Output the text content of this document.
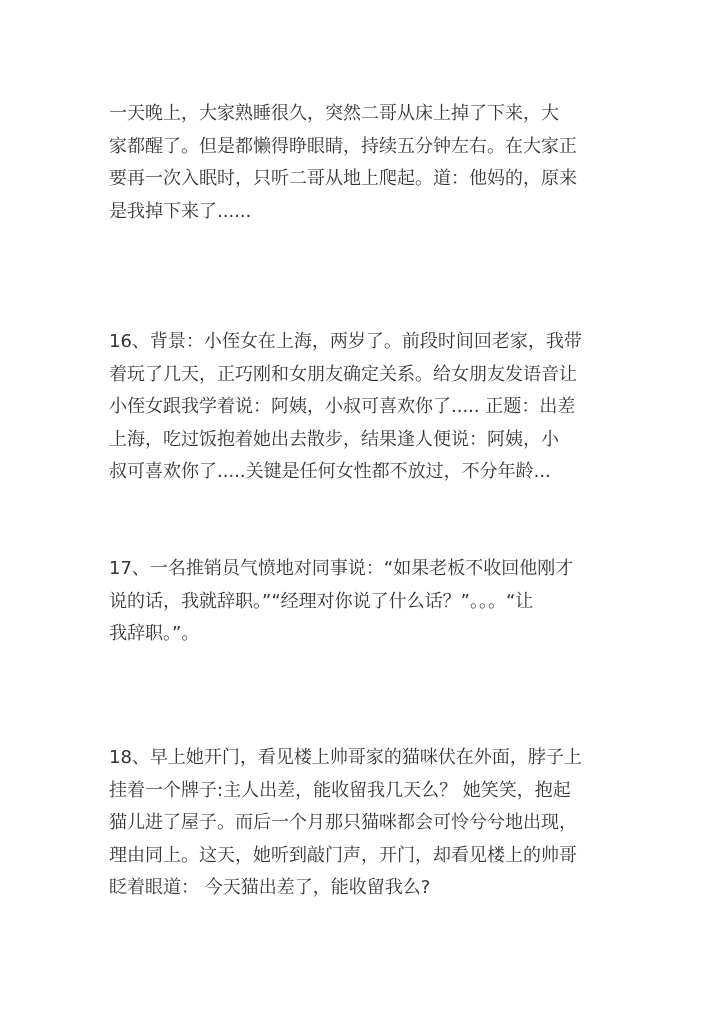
一天晚上，大家熟睡很久，突然二哥从床上掉了下来，大
家都醒了。但是都懒得睁眼睛，持续五分钟左右。在大家正
要再一次入眠时，只听二哥从地上爬起。道：他妈的，原来
是我掉下来了......
16、背景：小侄女在上海，两岁了。前段时间回老家，我带
着玩了几天，正巧刚和女朋友确定关系。给女朋友发语音让
小侄女跟我学着说：阿姨，小叔可喜欢你了..... 正题：出差
上海，吃过饭抱着她出去散步，结果逢人便说：阿姨，小
叔可喜欢你了.....关键是任何女性都不放过，不分年龄...
17、一名推销员气愤地对同事说：“如果老板不收回他刚才
说的话，我就辞职。”“经理对你说了什么话？”。。。“让
我辞职。”。
18、早上她开门，看见楼上帅哥家的猫咪伏在外面，脖子上
挂着一个牌子:主人出差，能收留我几天么？ 她笑笑，抱起
猫儿进了屋子。而后一个月那只猫咪都会可怜兮兮地出现，
理由同上。这天，她听到敲门声，开门，却看见楼上的帅哥
眨着眼道： 今天猫出差了，能收留我么?
